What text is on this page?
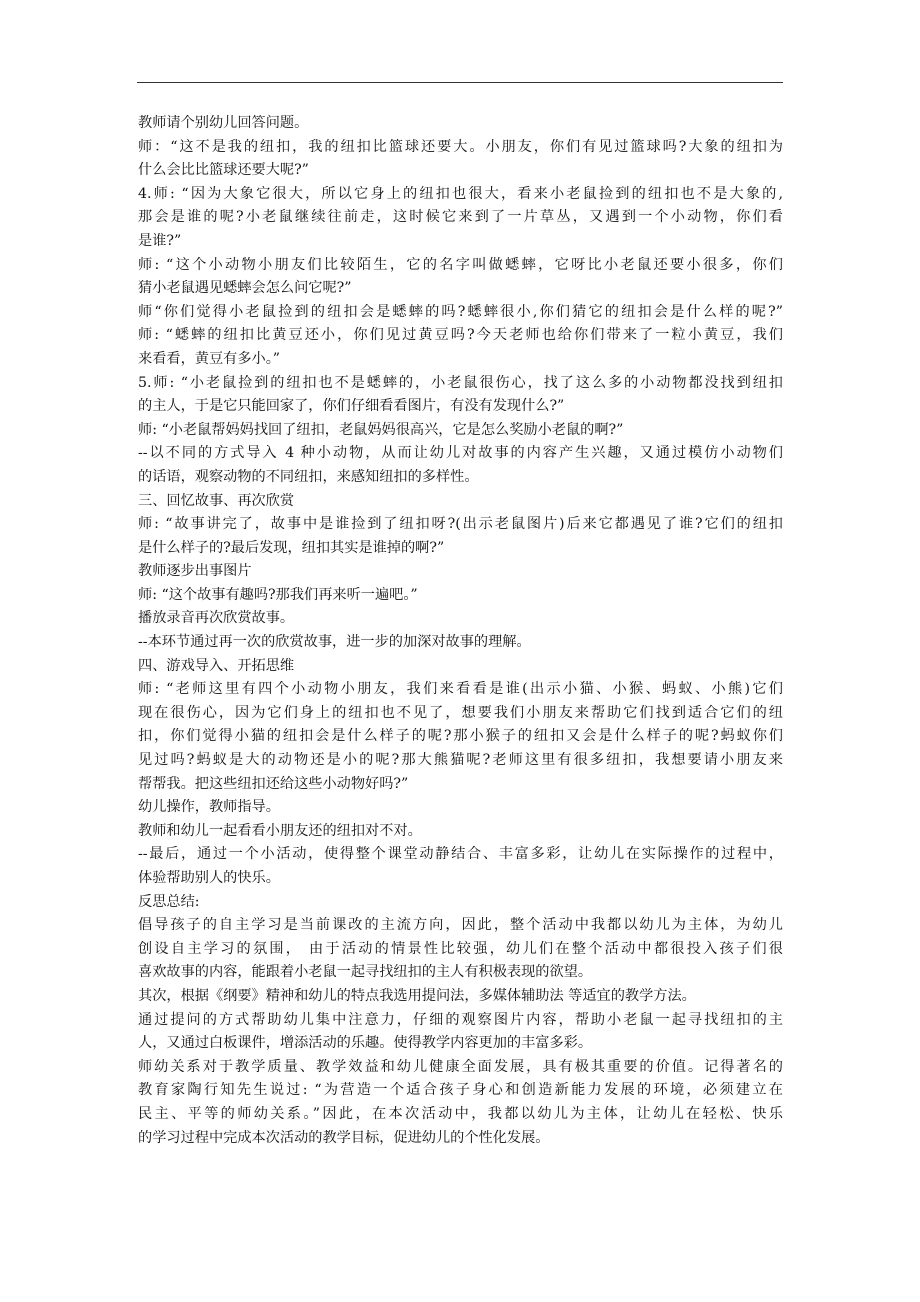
教师请个别幼儿回答问题。
师：“这不是我的纽扣，我的纽扣比篮球还要大。小朋友，你们有见过篮球吗?大象的纽扣为
什么会比比篮球还要大呢?”
4.师: “因为大象它很大，所以它身上的纽扣也很大，看来小老鼠捡到的纽扣也不是大象的,
那会是谁的呢?小老鼠继续往前走，这时候它来到了一片草丛，又遇到一个小动物，你们看
是谁?”
师: “这个小动物小朋友们比较陌生，它的名字叫做蟋蟀，它呀比小老鼠还要小很多，你们
猜小老鼠遇见蟋蟀会怎么问它呢?”
师“你们觉得小老鼠捡到的纽扣会是蟋蟀的吗?蟋蟀很小,你们猜它的纽扣会是什么样的呢?”
师: “蟋蟀的纽扣比黄豆还小，你们见过黄豆吗?今天老师也给你们带来了一粒小黄豆，我们
来看看，黄豆有多小。”
5.师: “小老鼠捡到的纽扣也不是蟋蟀的，小老鼠很伤心，找了这么多的小动物都没找到纽扣
的主人，于是它只能回家了，你们仔细看看图片，有没有发现什么?”
师: “小老鼠帮妈妈找回了纽扣，老鼠妈妈很高兴，它是怎么奖励小老鼠的啊?”
--以不同的方式导入 4 种小动物，从而让幼儿对故事的内容产生兴趣，又通过模仿小动物们
的话语，观察动物的不同纽扣，来感知纽扣的多样性。
三、回忆故事、再次欣赏
师: “故事讲完了，故事中是谁捡到了纽扣呀?(出示老鼠图片)后来它都遇见了谁?它们的纽扣
是什么样子的?最后发现，纽扣其实是谁掉的啊?”
教师逐步出事图片
师: “这个故事有趣吗?那我们再来听一遍吧。”
播放录音再次欣赏故事。
--本环节通过再一次的欣赏故事，进一步的加深对故事的理解。
四、游戏导入、开拓思维
师: “老师这里有四个小动物小朋友，我们来看看是谁(出示小猫、小猴、蚂蚁、小熊)它们
现在很伤心，因为它们身上的纽扣也不见了，想要我们小朋友来帮助它们找到适合它们的纽
扣，你们觉得小猫的纽扣会是什么样子的呢?那小猴子的纽扣又会是什么样子的呢?蚂蚁你们
见过吗?蚂蚁是大的动物还是小的呢?那大熊猫呢?老师这里有很多纽扣，我想要请小朋友来
帮帮我。把这些纽扣还给这些小动物好吗?”
幼儿操作，教师指导。
教师和幼儿一起看看小朋友还的纽扣对不对。
--最后，通过一个小活动，使得整个课堂动静结合、丰富多彩，让幼儿在实际操作的过程中，
体验帮助别人的快乐。
反思总结:
倡导孩子的自主学习是当前课改的主流方向，因此，整个活动中我都以幼儿为主体，为幼儿
创设自主学习的氛围， 由于活动的情景性比较强，幼儿们在整个活动中都很投入孩子们很
喜欢故事的内容，能跟着小老鼠一起寻找纽扣的主人有积极表现的欲望。
其次，根据《纲要》精神和幼儿的特点我选用提问法，多媒体辅助法 等适宜的教学方法。
通过提问的方式帮助幼儿集中注意力，仔细的观察图片内容，帮助小老鼠一起寻找纽扣的主
人，又通过白板课件，增添活动的乐趣。使得教学内容更加的丰富多彩。
师幼关系对于教学质量、教学效益和幼儿健康全面发展，具有极其重要的价值。记得著名的
教育家陶行知先生说过: “为营造一个适合孩子身心和创造新能力发展的环境，必须建立在
民主、平等的师幼关系。”因此，在本次活动中，我都以幼儿为主体，让幼儿在轻松、快乐
的学习过程中完成本次活动的教学目标，促进幼儿的个性化发展。
